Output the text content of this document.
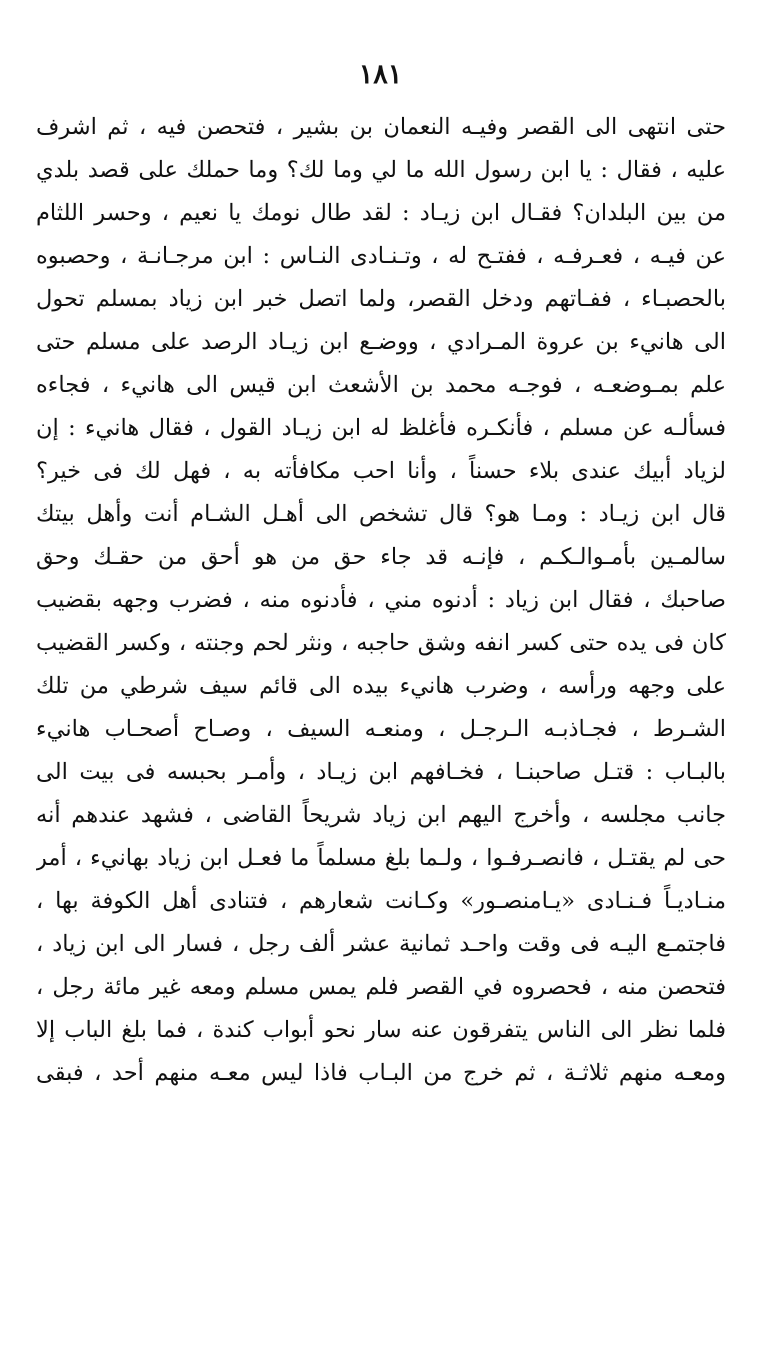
١٨١
حتى انتهى الى القصر وفيـه النعمان بن بشير ، فتحصن فيه ، ثم اشرف
عليه ، فقال : يا ابن رسول الله ما لي وما لك؟ وما حملك على قصد بلدي
من بين البلدان؟ فقـال ابن زيـاد : لقد طال نومك يا نعيم ، وحسر اللثام
عن فيـه ، فعـرفـه ، ففتـح له ، وتـنـادى النـاس : ابن مرجـانـة ، وحصبوه
بالحصبـاء ، ففـاتهم ودخل القصر، ولما اتصل خبر ابن زياد بمسلم تحول
الى هانيء بن عروة المـرادي ، ووضـع ابن زيـاد الرصد على مسلم حتى
علم بمـوضعـه ، فوجـه محمد بن الأشعث ابن قيس الى هانيء ، فجاءه
فسألـه عن مسلم ، فأنكـره فأغلظ له ابن زيـاد القول ، فقال هانيء : إن
لزياد أبيك عندى بلاء حسناً ، وأنا احب مكافأته به ، فهل لك فى خير؟
قال ابن زيـاد : ومـا هو؟ قال تشخص الى أهـل الشـام أنت وأهل بيتك
سالمـين بأمـوالـكـم ، فإنـه قد جاء حق من هو أحق من حقـك وحق
صاحبك ، فقال ابن زياد : أدنوه مني ، فأدنوه منه ، فضرب وجهه بقضيب
كان فى يده حتى كسر انفه وشق حاجبه ، ونثر لحم وجنته ، وكسر القضيب
على وجهه ورأسه ، وضرب هانيء بيده الى قائم سيف شرطي من تلك
الشـرط ، فجـاذبـه الـرجـل ، ومنعـه السيف ، وصـاح أصحـاب هانيء
بالبـاب : قتـل صاحبنـا ، فخـافهم ابن زيـاد ، وأمـر بحبسه فى بيت الى
جانب مجلسه ، وأخرج اليهم ابن زياد شريحاً القاضى ، فشهد عندهم أنه
حى لم يقتـل ، فانصـرفـوا ، ولـما بلغ مسلماً ما فعـل ابن زياد بهانيء ، أمر
منـاديـاً فـنـادى «يـامنصـور» وكـانت شعارهم ، فتنادى أهل الكوفة بها ،
فاجتمـع اليـه فى وقت واحـد ثمانية عشر ألف رجل ، فسار الى ابن زياد ،
فتحصن منه ، فحصروه في القصر فلم يمس مسلم ومعه غير مائة رجل ،
فلما نظر الى الناس يتفرقون عنه سار نحو أبواب كندة ، فما بلغ الباب إلا
ومعـه منهم ثلاثـة ، ثم خرج من البـاب فاذا ليس معـه منهم أحد ، فبقى
